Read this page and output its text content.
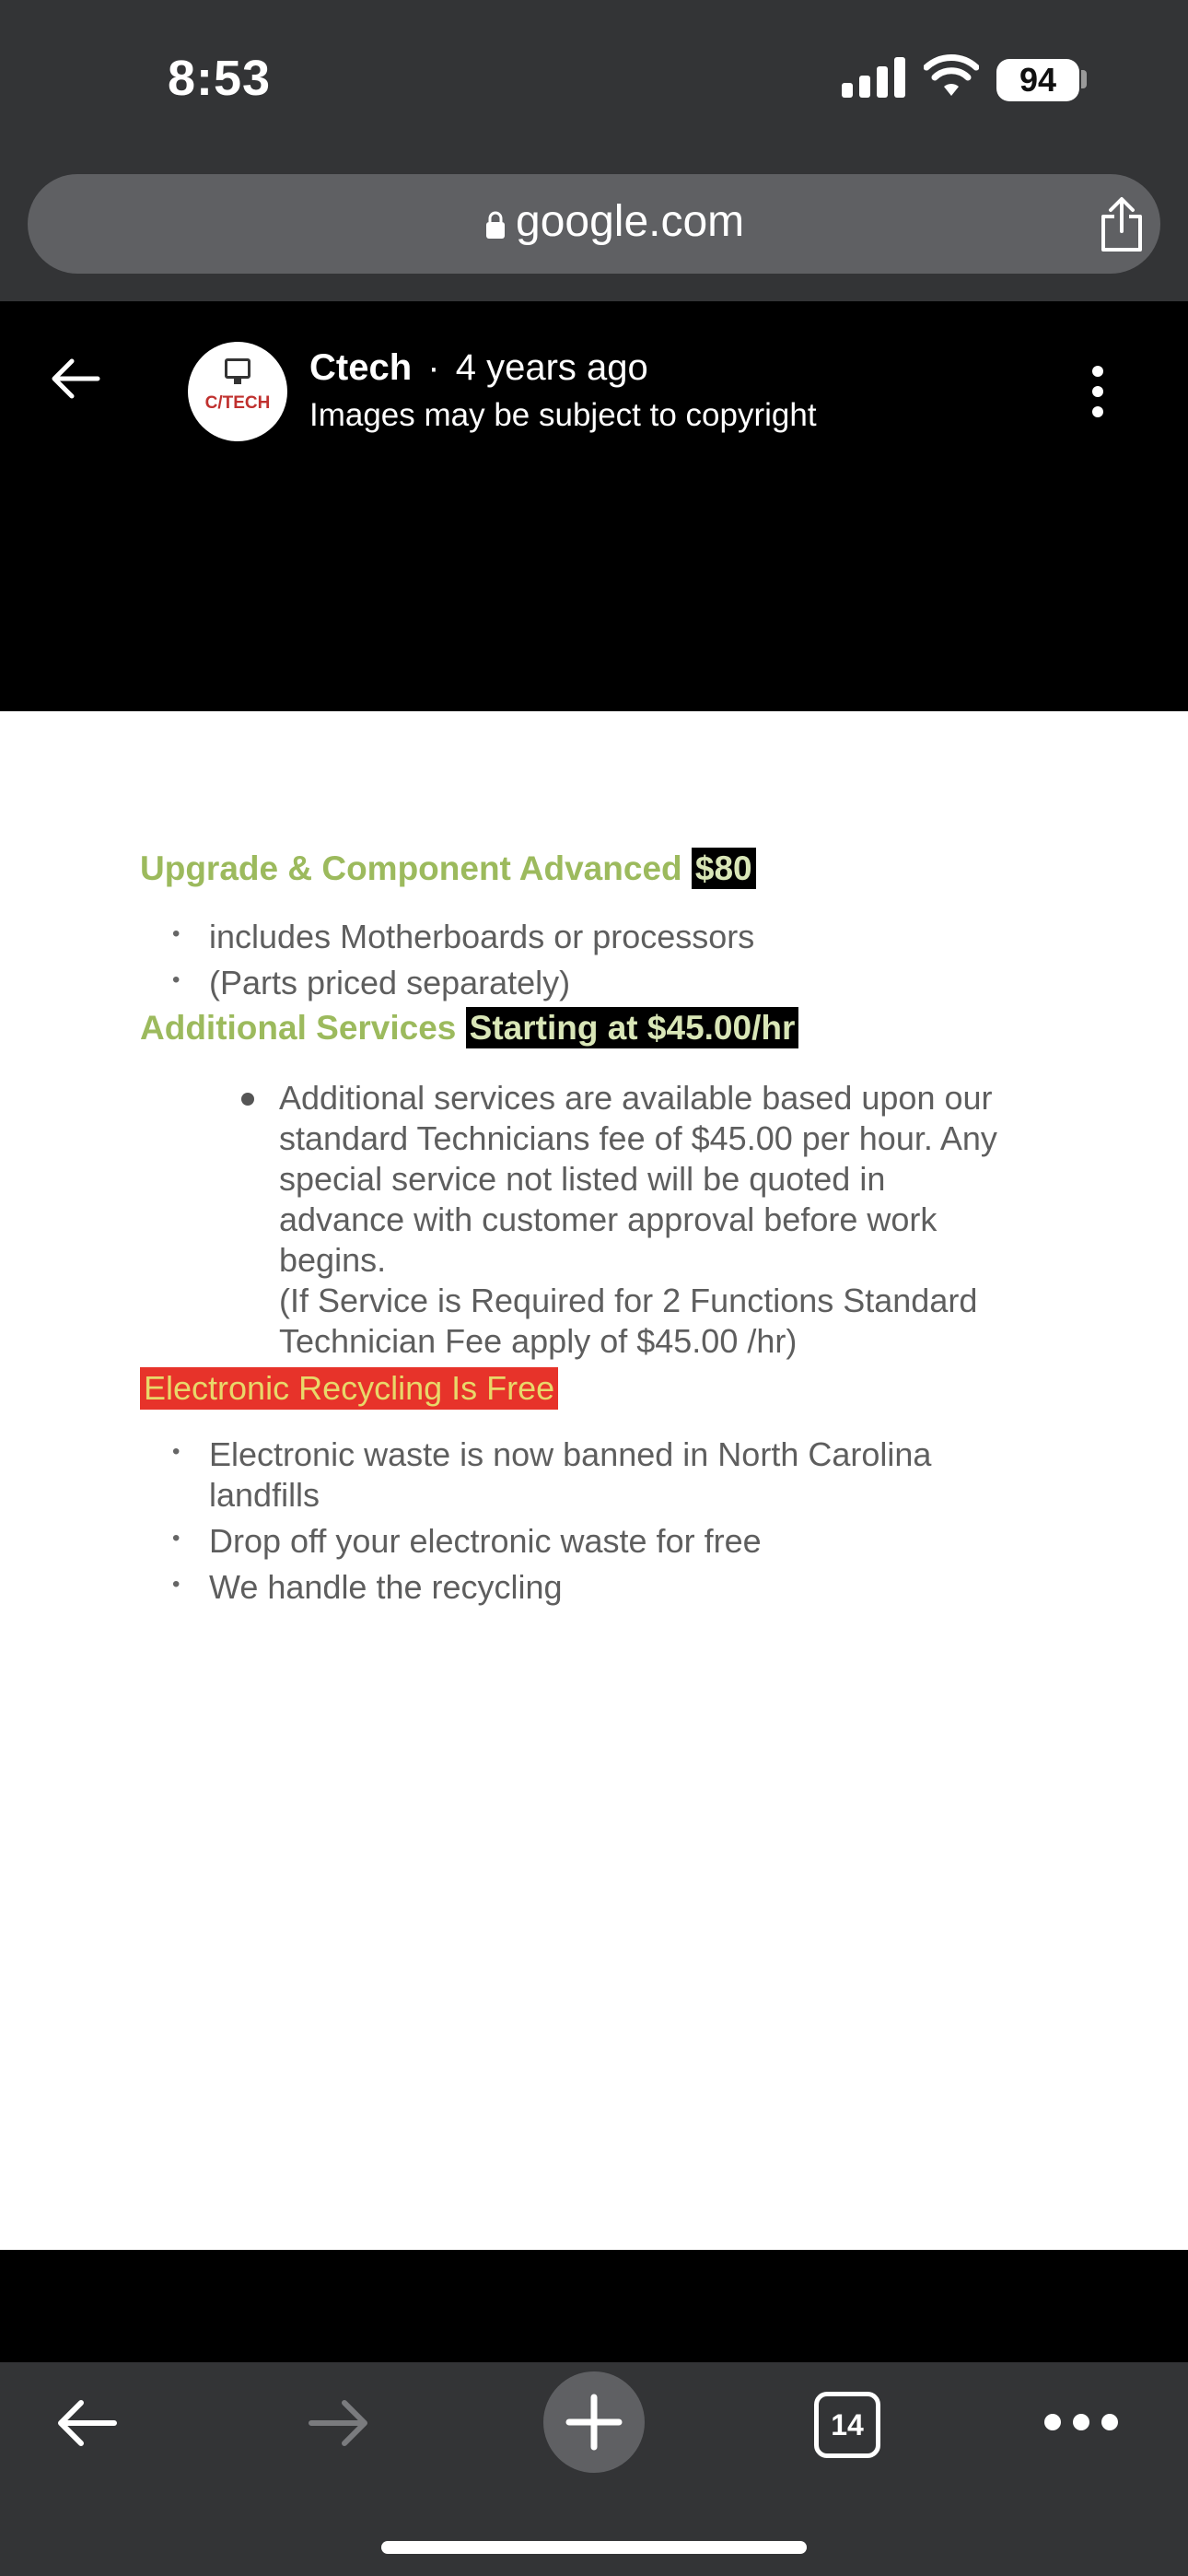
8:53	94
google.com
C/TECH
Ctech · 4 years ago
Images may be subject to copyright
Upgrade & Component Advanced $80
• includes Motherboards or processors
• (Parts priced separately)
Additional Services Starting at $45.00/hr
Additional services are available based upon our
standard Technicians fee of $45.00 per hour. Any
special service not listed will be quoted in
advance with customer approval before work
begins.
(If Service is Required for 2 Functions Standard
Technician Fee apply of $45.00 /hr)
Electronic Recycling Is Free
• Electronic waste is now banned in North Carolina
landfills
• Drop off your electronic waste for free
• We handle the recycling
14
